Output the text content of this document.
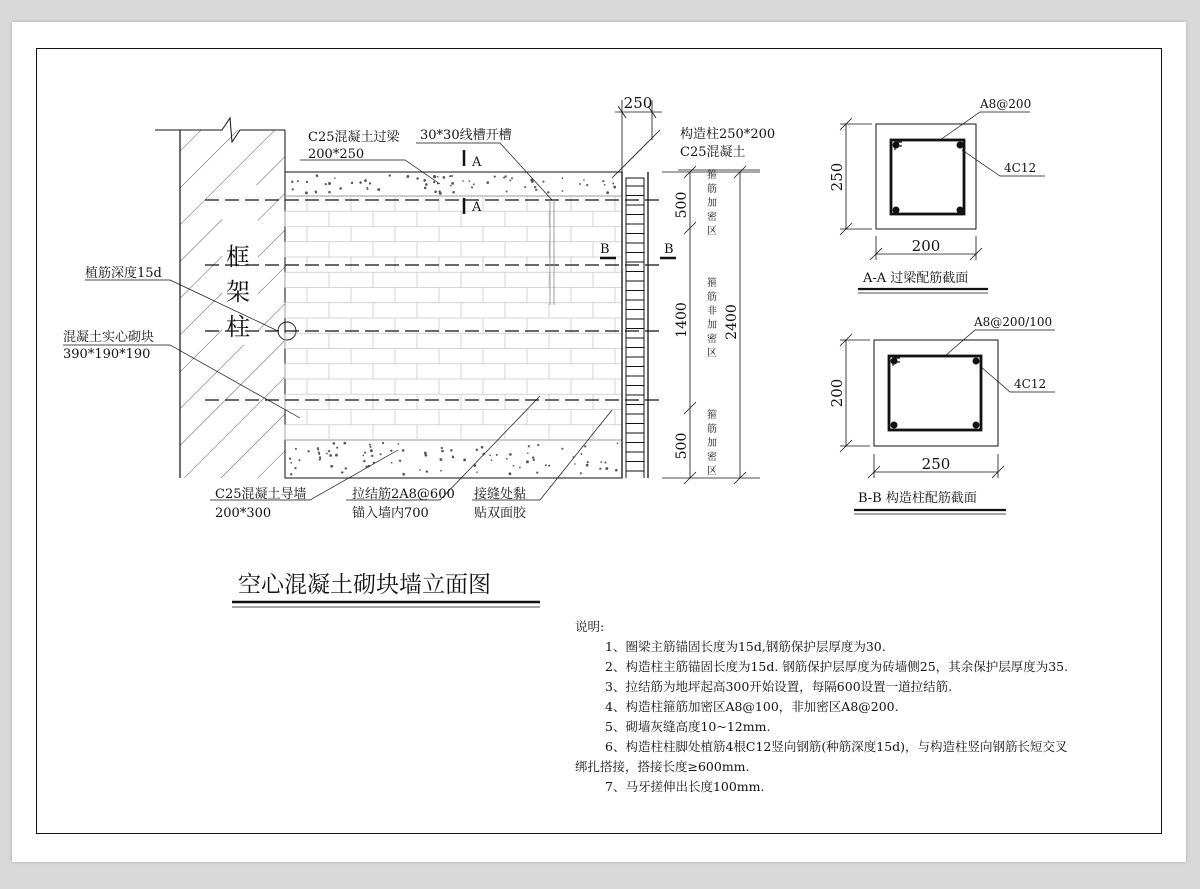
框
架
柱
A
A
B	B
250
500
1400
500
2400
箍
筋
加
密
区
箍
筋
非
加
密
区
箍
筋
加
密
区
C25混凝土过梁
200*250
30*30线槽开槽	构造柱250*200
C25混凝土
植筋深度15d
混凝土实心砌块
390*190*190
C25混凝土导墙
200*300
拉结筋2A8@600
锚入墙内700
接缝处黏
贴双面胶
空心混凝土砌块墙立面图
250
200
A8@200
4C12
A-A 过梁配筋截面
200
250
A8@200/100
4C12
B-B 构造柱配筋截面

说明:

1、圈梁主筋锚固长度为15d,钢筋保护层厚度为30.

2、构造柱主筋锚固长度为15d. 钢筋保护层厚度为砖墙侧25，其余保护层厚度为35.

3、拉结筋为地坪起高300开始设置，每隔600设置一道拉结筋.

4、构造柱箍筋加密区A8@100，非加密区A8@200.

5、砌墙灰缝高度10~12mm.

6、构造柱柱脚处植筋4根C12竖向钢筋(种筋深度15d)，与构造柱竖向钢筋长短交叉

绑扎搭接，搭接长度≥600mm.

7、马牙搓伸出长度100mm.
